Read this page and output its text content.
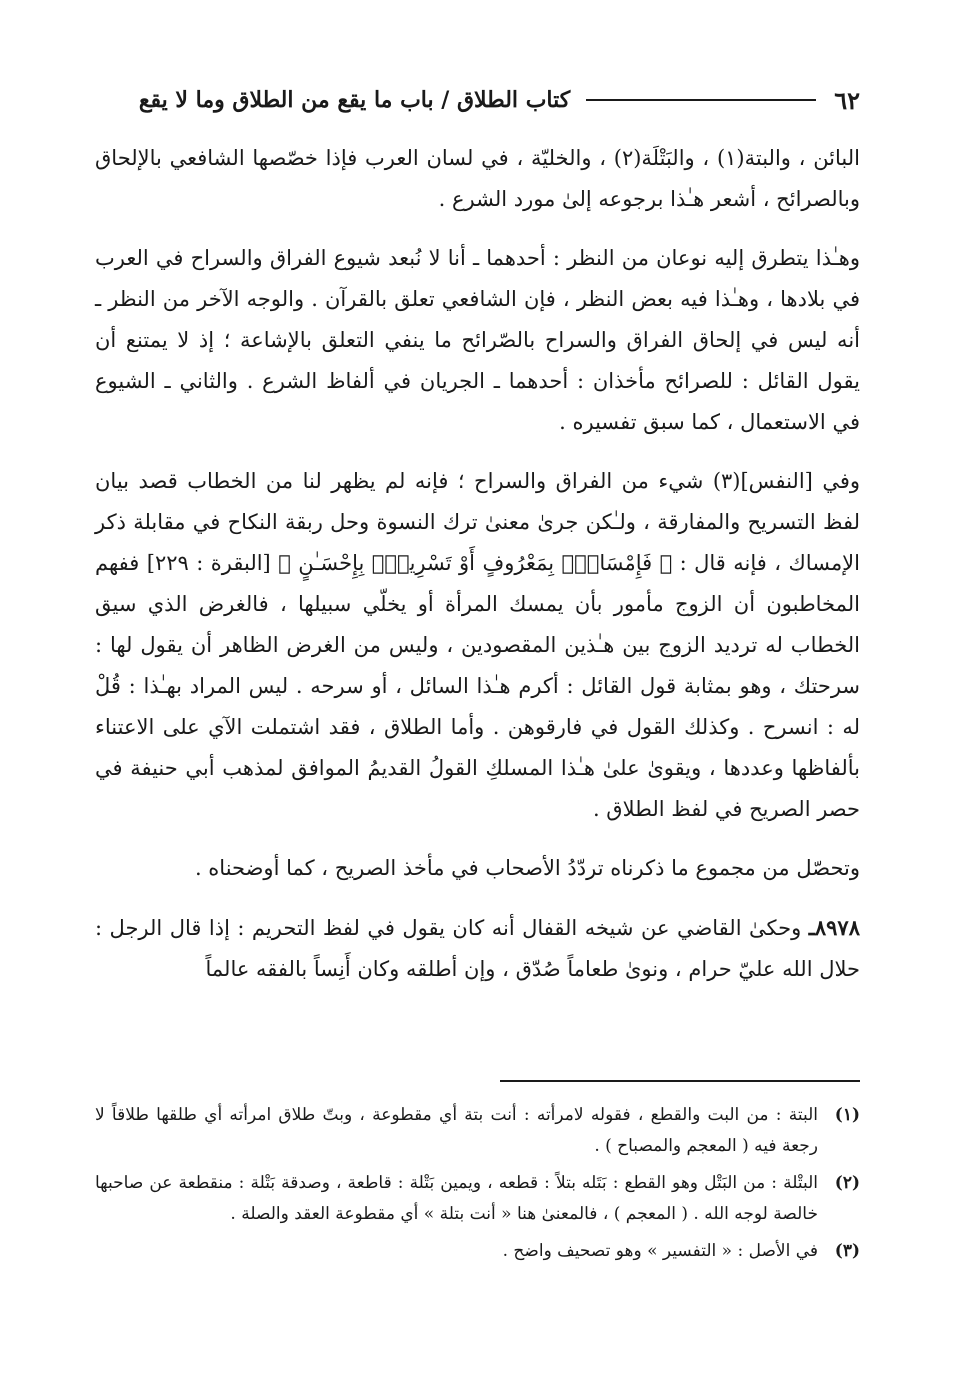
٦٢
كتاب الطلاق / باب ما يقع من الطلاق وما لا يقع

البائن ، والبتة(١) ، والبَتْلَة(٢) ، والخليّة ، في لسان العرب فإذا خصّصها الشافعي بالإلحاق وبالصرائح ، أشعر هـٰذا برجوعه إلىٰ مورد الشرع .

وهـٰذا يتطرق إليه نوعان من النظر : أحدهما ـ أنا لا نُبعد شيوع الفراق والسراح في العرب في بلادها ، وهـٰذا فيه بعض النظر ، فإن الشافعي تعلق بالقرآن . والوجه الآخر من النظر ـ أنه ليس في إلحاق الفراق والسراح بالصّرائح ما ينفي التعلق بالإشاعة ؛ إذ لا يمتنع أن يقول القائل : للصرائح مأخذان : أحدهما ـ الجريان في ألفاظ الشرع . والثاني ـ الشيوع في الاستعمال ، كما سبق تفسيره .

وفي [النفس](٣) شيء من الفراق والسراح ؛ فإنه لم يظهر لنا من الخطاب قصد بيان لفظ التسريح والمفارقة ، ولـٰكن جرىٰ معنىٰ ترك النسوة وحل ربقة النكاح في مقابلة ذكر الإمساك ، فإنه قال : ﴿ فَإِمْسَاكُۢ بِمَعْرُوفٍ أَوْ تَسْرِيحُۢ بِإِحْسَـٰنٍ ﴾ [البقرة : ٢٢٩] ففهم المخاطبون أن الزوج مأمور بأن يمسك المرأة أو يخلّي سبيلها ، فالغرض الذي سيق الخطاب له ترديد الزوج بين هـٰذين المقصودين ، وليس من الغرض الظاهر أن يقول لها : سرحتك ، وهو بمثابة قول القائل : أكرم هـٰذا السائل ، أو سرحه . ليس المراد بهـٰذا : قُلْ له : انسرح . وكذلك القول في فارقوهن . وأما الطلاق ، فقد اشتملت الآي على الاعتناء بألفاظها وعددها ، ويقوىٰ علىٰ هـٰذا المسلكِ القولُ القديمُ الموافق لمذهب أبي حنيفة في حصر الصريح في لفظ الطلاق .

وتحصّل من مجموع ما ذكرناه تردّدُ الأصحاب في مأخذ الصريح ، كما أوضحناه .

٨٩٧٨ـ وحكىٰ القاضي عن شيخه القفال أنه كان يقول في لفظ التحريم : إذا قال الرجل : حلال الله عليّ حرام ، ونوىٰ طعاماً صُدّق ، وإن أطلقه وكان أَنِساً بالفقه عالماً

(١)
البتة : من البت والقطع ، فقوله لامرأته : أنت بتة أي مقطوعة ، وبتّ طلاق امرأته أي طلقها طلاقاً لا رجعة فيه ( المعجم والمصباح ) .
(٢)
البتْلة : من البَتْل وهو القطع : بَتَله بتلاً : قطعه ، ويمين بَتْلة : قاطعة ، وصدقة بَتْلة : منقطعة عن صاحبها خالصة لوجه الله . ( المعجم ) ، فالمعنىٰ هنا « أنت بتلة » أي مقطوعة العقد والصلة .
(٣)
في الأصل : « التفسير » وهو تصحيف واضح .
